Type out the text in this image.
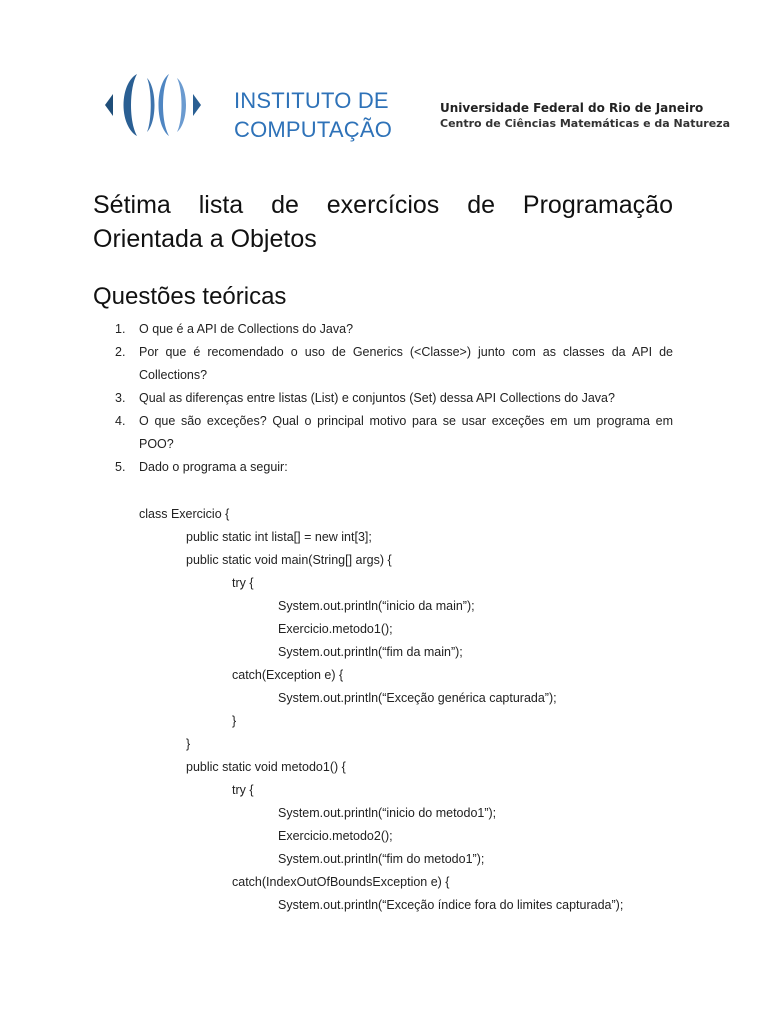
INSTITUTO DE
COMPUTAÇÃO
Universidade Federal do Rio de Janeiro
Centro de Ciências Matemáticas e da Natureza
Sétima lista de exercícios de Programação Orientada a Objetos
Questões teóricas
1. O que é a API de Collections do Java?
2. Por que é recomendado o uso de Generics (<Classe>) junto com as classes da API de Collections?
3. Qual as diferenças entre listas (List) e conjuntos (Set) dessa API Collections do Java?
4. O que são exceções? Qual o principal motivo para se usar exceções em um programa em POO?
5. Dado o programa a seguir:
class Exercicio {
public static int lista[] = new int[3];
public static void main(String[] args) {
try {
System.out.println(“inicio da main”);
Exercicio.metodo1();
System.out.println(“fim da main”);
catch(Exception e) {
System.out.println(“Exceção genérica capturada”);
}
}
public static void metodo1() {
try {
System.out.println(“inicio do metodo1”);
Exercicio.metodo2();
System.out.println(“fim do metodo1”);
catch(IndexOutOfBoundsException e) {
System.out.println(“Exceção índice fora do limites capturada”);
